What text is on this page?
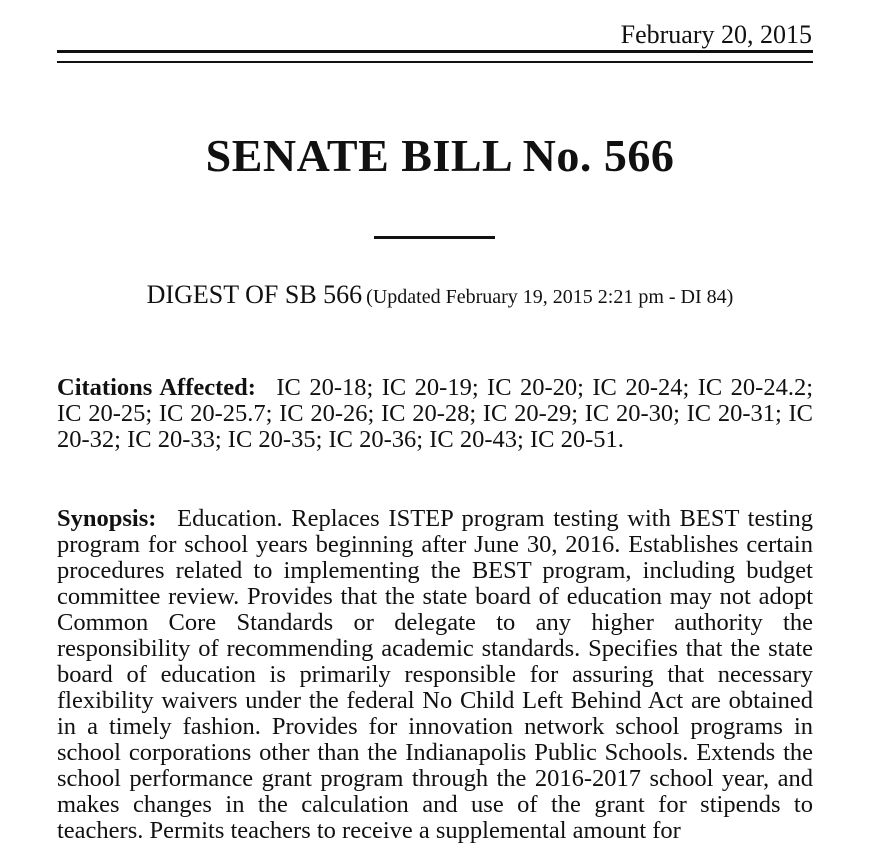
February 20, 2015
SENATE BILL No. 566
DIGEST OF SB 566 (Updated February 19, 2015 2:21 pm - DI 84)
Citations Affected: IC 20-18; IC 20-19; IC 20-20; IC 20-24; IC 20-24.2; IC 20-25; IC 20-25.7; IC 20-26; IC 20-28; IC 20-29; IC 20-30; IC 20-31; IC 20-32; IC 20-33; IC 20-35; IC 20-36; IC 20-43; IC 20-51.
Synopsis: Education. Replaces ISTEP program testing with BEST testing program for school years beginning after June 30, 2016. Establishes certain procedures related to implementing the BEST program, including budget committee review. Provides that the state board of education may not adopt Common Core Standards or delegate to any higher authority the responsibility of recommending academic standards. Specifies that the state board of education is primarily responsible for assuring that necessary flexibility waivers under the federal No Child Left Behind Act are obtained in a timely fashion. Provides for innovation network school programs in school corporations other than the Indianapolis Public Schools. Extends the school performance grant program through the 2016-2017 school year, and makes changes in the calculation and use of the grant for stipends to teachers. Permits teachers to receive a supplemental amount for
